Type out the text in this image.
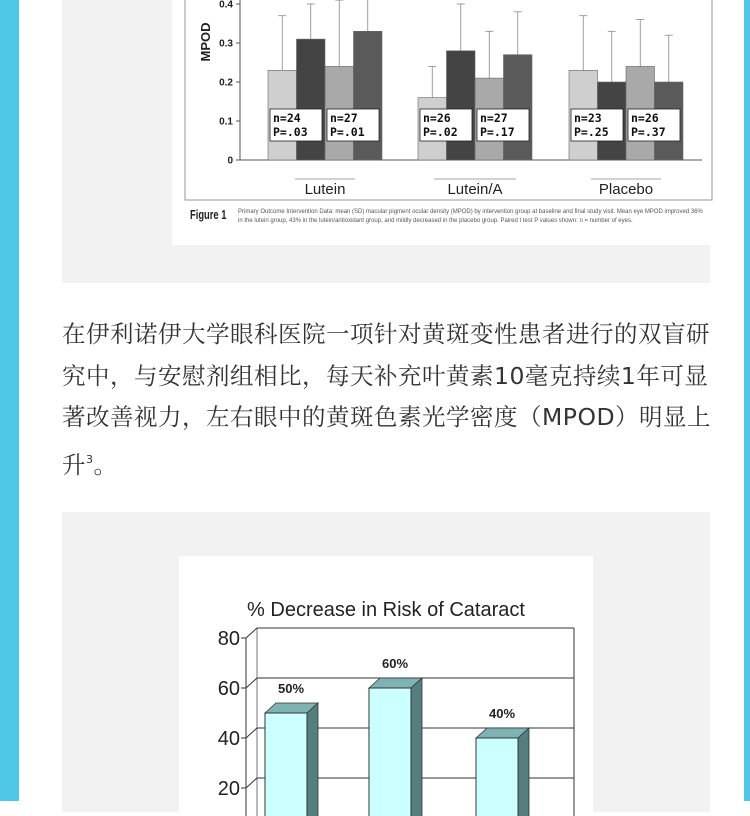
0
0.1
0.2
0.3
0.4
MPOD
Lutein	Lutein/A	Placebo
n=24
P=.03
n=27
P=.01
n=26
P=.02
n=27
P=.17
n=23
P=.25
n=26
P=.37
Figure 1 Primary Outcome Intervention Data: mean (SD) macular pigment ocular density (MPOD) by intervention group at baseline and final study visit. Mean eye MPOD improved 36% in the lutein group, 43% in the lutein/antioxidant group, and mildly decreased in the placebo group. Paired t test P values shown: n = number of eyes.

在伊利诺伊大学眼科医院一项针对黄斑变性患者进行的双盲研究中，与安慰剂组相比，每天补充叶黄素10毫克持续1年可显著改善视力，左右眼中的黄斑色素光学密度（MPOD）明显上升$^3$。

% Decrease in Risk of Cataract
20
40
60
80
50%
60%
40%
